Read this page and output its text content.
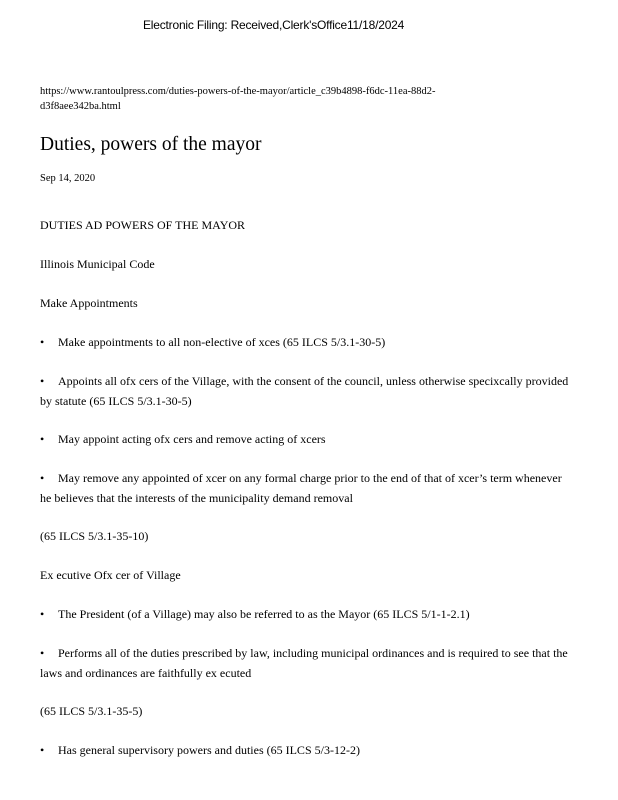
Electronic Filing: Received,Clerk'sOffice11/18/2024
https://www.rantoulpress.com/duties-powers-of-the-mayor/article_c39b4898-f6dc-11ea-88d2-d3f8aee342ba.html
Duties, powers of the mayor
Sep 14, 2020
DUTIES AD POWERS OF THE MAYOR
Illinois Municipal Code
Make Appointments
• Make appointments to all non-elective of xces (65 ILCS 5/3.1-30-5)
• Appoints all ofx cers of the Village, with the consent of the council, unless otherwise specixcally provided by statute (65 ILCS 5/3.1-30-5)
• May appoint acting ofx cers and remove acting of xcers
• May remove any appointed of xcer on any formal charge prior to the end of that of xcer’s term whenever he believes that the interests of the municipality demand removal
(65 ILCS 5/3.1-35-10)
Ex ecutive Ofx cer of Village
• The President (of a Village) may also be referred to as the Mayor (65 ILCS 5/1-1-2.1)
• Performs all of the duties prescribed by law, including municipal ordinances and is required to see that the laws and ordinances are faithfully ex ecuted
(65 ILCS 5/3.1-35-5)
• Has general supervisory powers and duties (65 ILCS 5/3-12-2)
